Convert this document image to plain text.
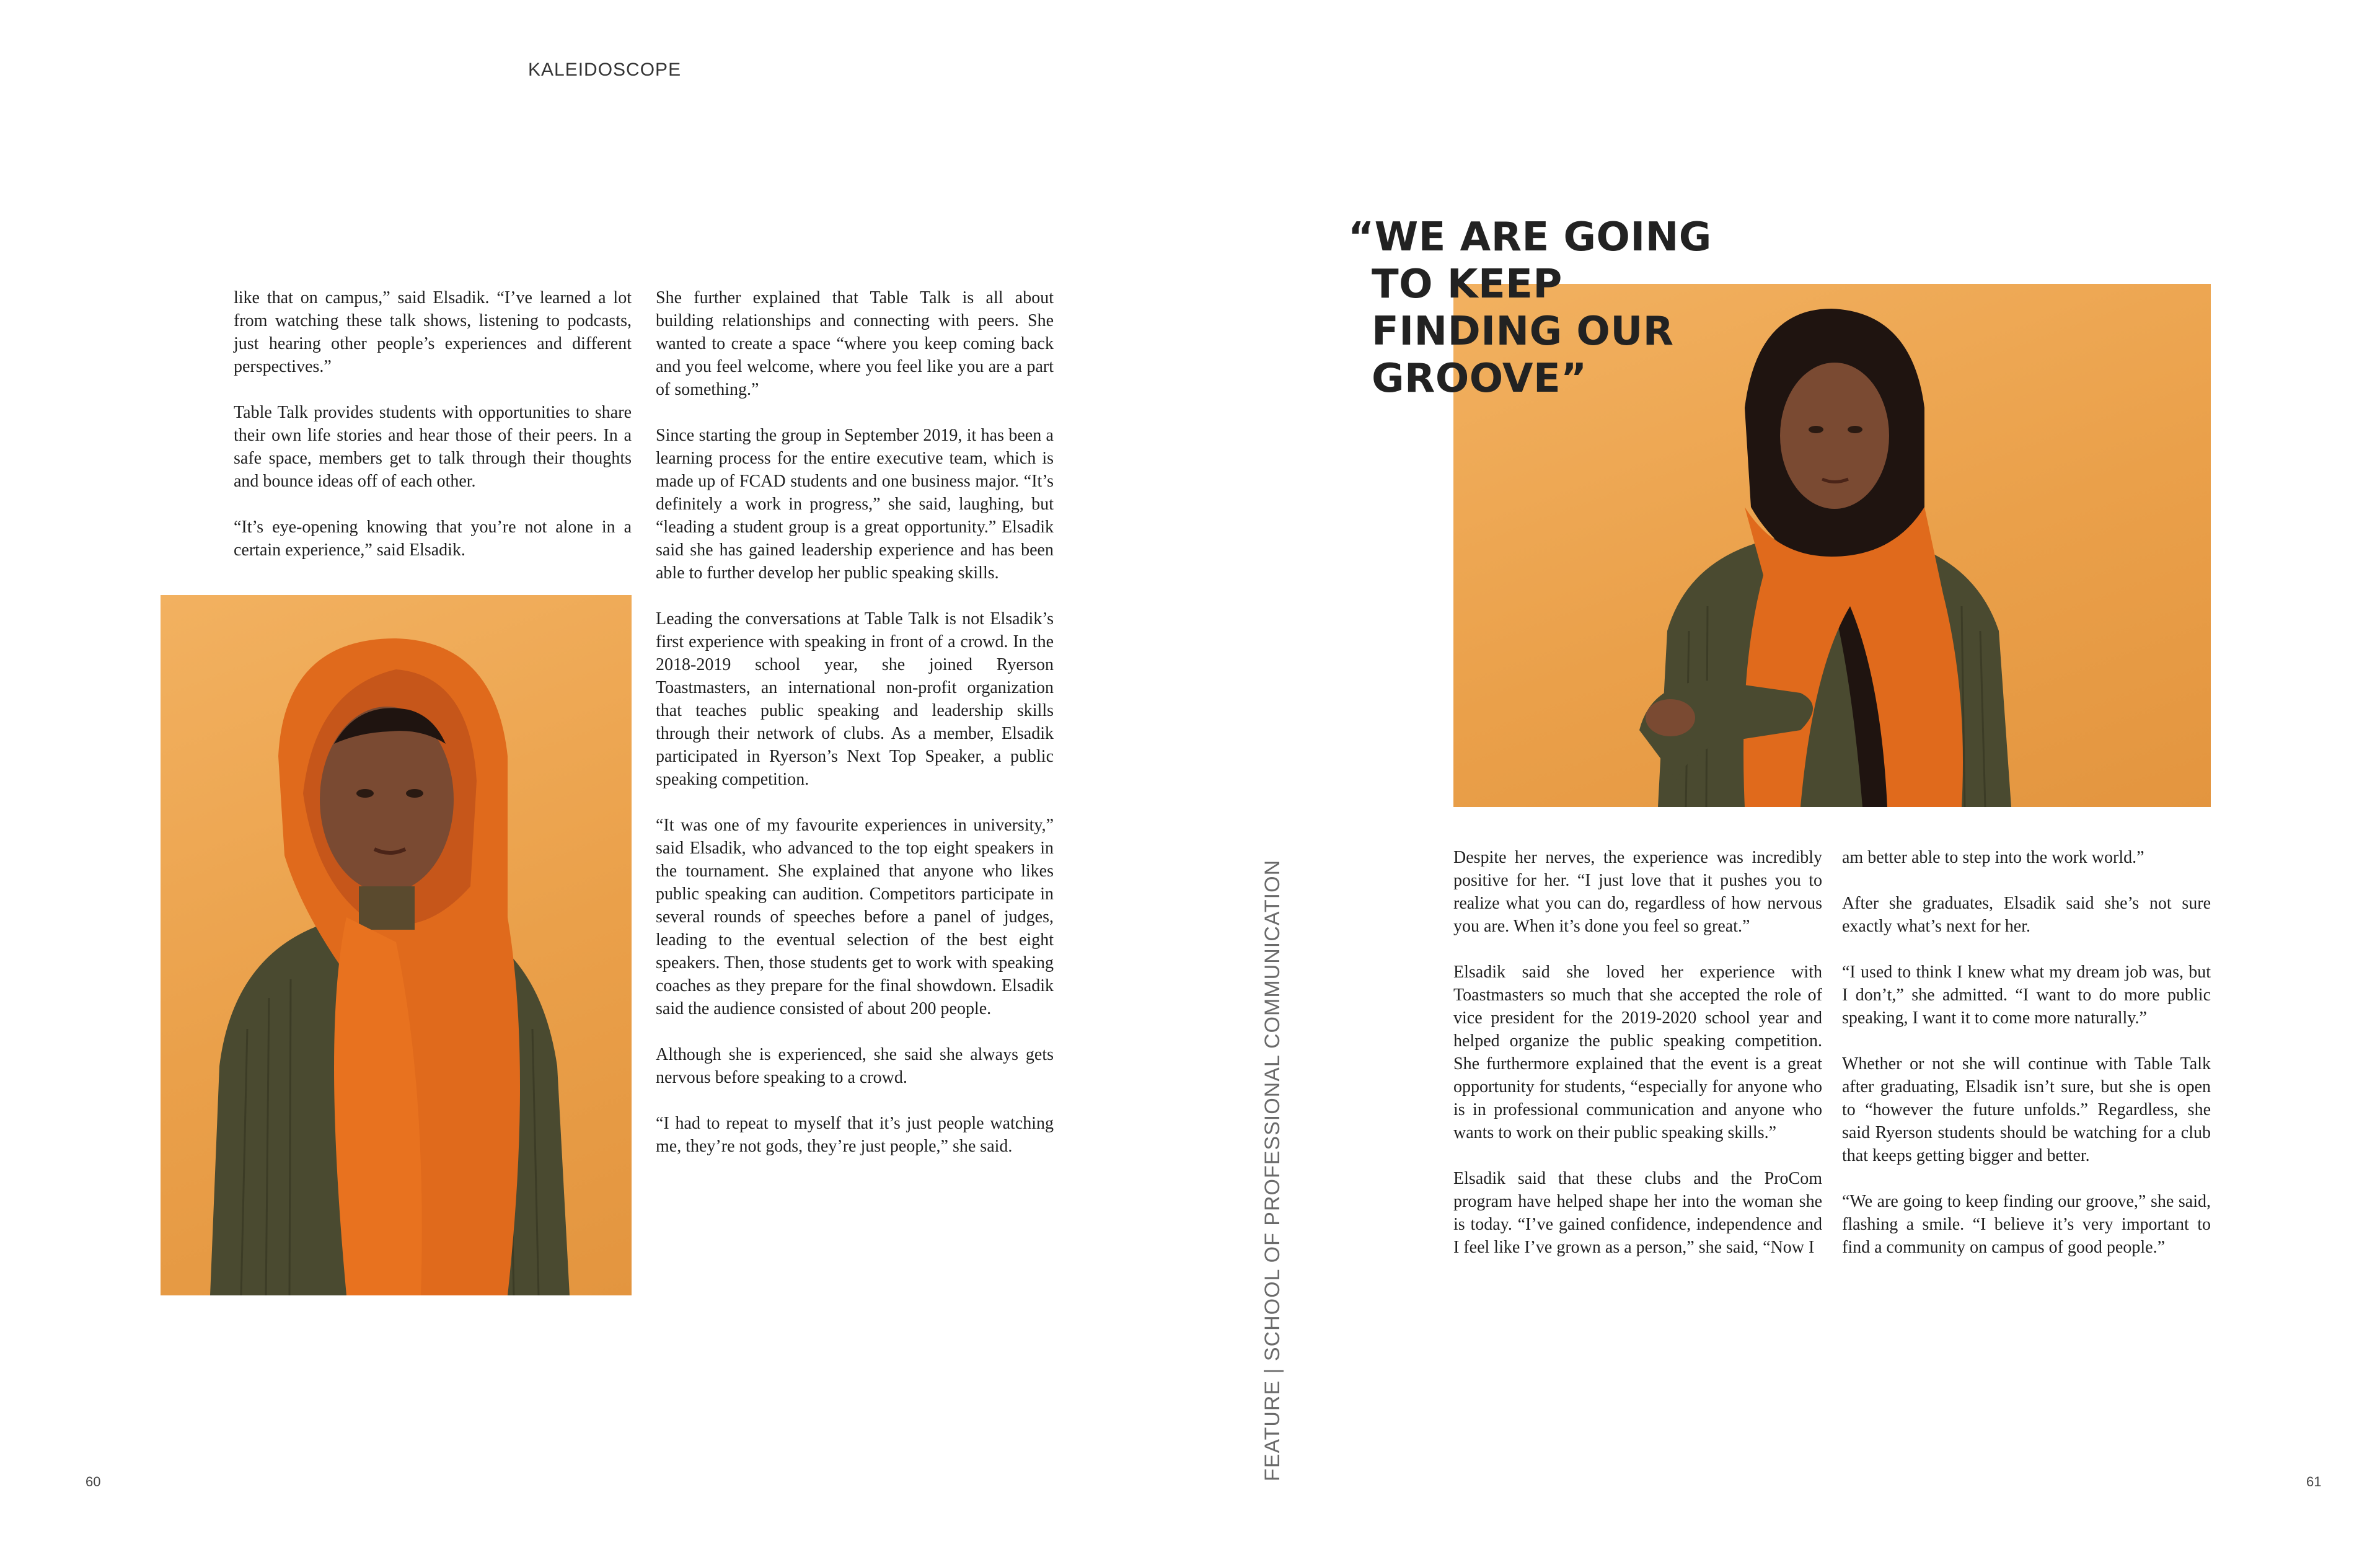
KALEIDOSCOPE

like that on campus,” said Elsadik. “I’ve learned a lot from watching these talk shows, listening to podcasts, just hearing other people’s experiences and different perspectives.”

Table Talk provides students with opportunities to share their own life stories and hear those of their peers. In a safe space, members get to talk through their thoughts and bounce ideas off of each other.

“It’s eye-opening knowing that you’re not alone in a certain experience,” said Elsadik.

She further explained that Table Talk is all about building relationships and connecting with peers. She wanted to create a space “where you keep coming back and you feel welcome, where you feel like you are a part of something.”

Since starting the group in September 2019, it has been a learning process for the entire executive team, which is made up of FCAD students and one business major. “It’s definitely a work in progress,” she said, laughing, but “leading a student group is a great opportunity.” Elsadik said she has gained leadership experience and has been able to further develop her public speaking skills.

Leading the conversations at Table Talk is not Elsadik’s first experience with speaking in front of a crowd. In the 2018-2019 school year, she joined Ryerson Toastmasters, an international non-profit organization that teaches public speaking and leadership skills through their network of clubs. As a member, Elsadik participated in Ryerson’s Next Top Speaker, a public speaking competition.

“It was one of my favourite experiences in university,” said Elsadik, who advanced to the top eight speakers in the tournament. She explained that anyone who likes public speaking can audition. Competitors participate in several rounds of speeches before a panel of judges, leading to the eventual selection of the best eight speakers. Then, those students get to work with speaking coaches as they prepare for the final showdown. Elsadik said the audience consisted of about 200 people.

Although she is experienced, she said she always gets nervous before speaking to a crowd.

“I had to repeat to myself that it’s just people watching me, they’re not gods, they’re just people,” she said.

60	61
“WE ARE GOING
TO KEEP
FINDING OUR
GROOVE”
FEATURE | SCHOOL OF PROFESSIONAL COMMUNICATION

Despite her nerves, the experience was incredibly positive for her. “I just love that it pushes you to realize what you can do, regardless of how nervous you are. When it’s done you feel so great.”

Elsadik said she loved her experience with Toastmasters so much that she accepted the role of vice president for the 2019-2020 school year and helped organize the public speaking competition. She furthermore explained that the event is a great opportunity for students, “especially for anyone who is in professional communication and anyone who wants to work on their public speaking skills.”

Elsadik said that these clubs and the ProCom program have helped shape her into the woman she is today. “I’ve gained confidence, independence and I feel like I’ve grown as a person,” she said, “Now I

am better able to step into the work world.”

After she graduates, Elsadik said she’s not sure exactly what’s next for her.

“I used to think I knew what my dream job was, but I don’t,” she admitted. “I want to do more public speaking, I want it to come more naturally.”

Whether or not she will continue with Table Talk after graduating, Elsadik isn’t sure, but she is open to “however the future unfolds.” Regardless, she said Ryerson students should be watching for a club that keeps getting bigger and better.

“We are going to keep finding our groove,” she said, flashing a smile. “I believe it’s very important to find a community on campus of good people.”
